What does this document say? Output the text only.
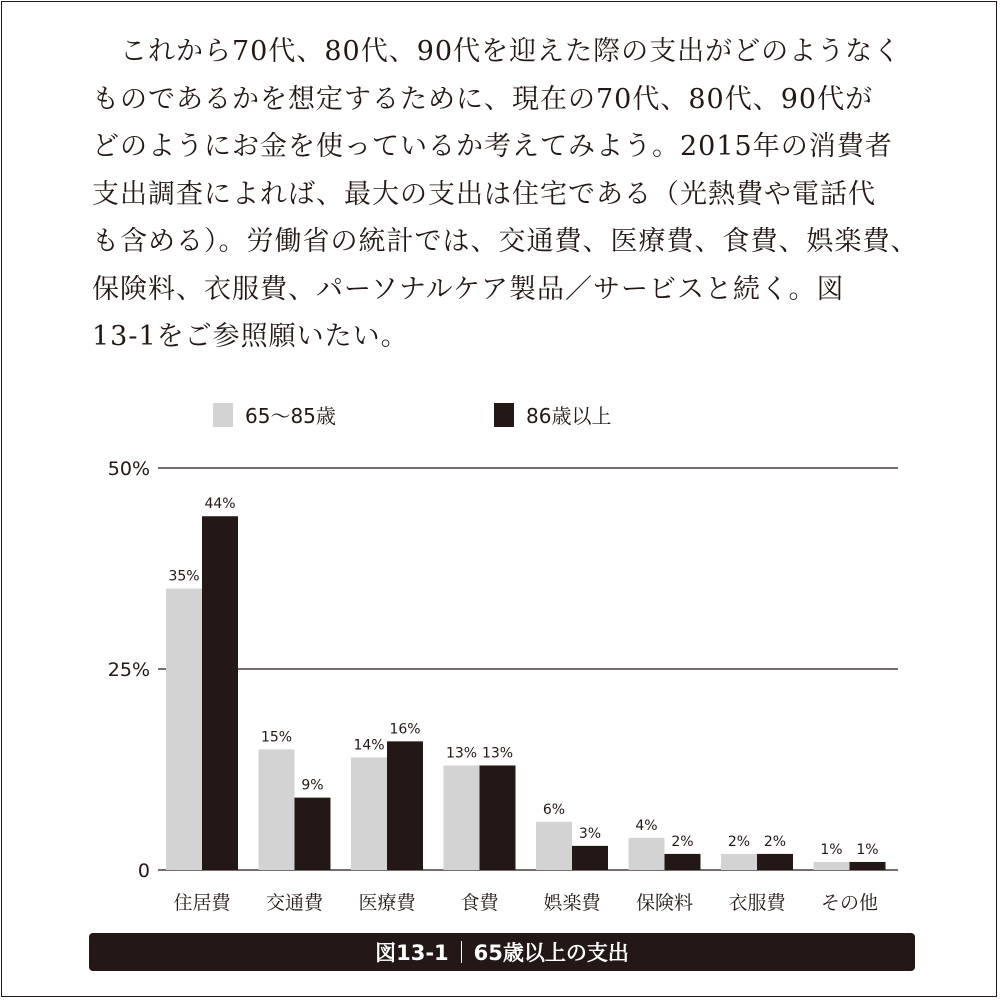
　これから70代、80代、90代を迎えた際の支出がどのようなく
ものであるかを想定するために、現在の70代、80代、90代が
どのようにお金を使っているか考えてみよう。2015年の消費者
支出調査によれば、最大の支出は住宅である（光熱費や電話代
も含める）。労働省の統計では、交通費、医療費、食費、娯楽費、
保険料、衣服費、パーソナルケア製品／サービスと続く。図
13-1をご参照願いたい。

65〜85歳	86歳以上
0
25%
50%
35%
44%
住居費
15%
9%
交通費
14%
16%
医療費
13% 13%
食費
6%
3%
娯楽費
4%
2%
保険料
2% 2%
衣服費
1% 1%
その他
図13-1 65歳以上の支出
